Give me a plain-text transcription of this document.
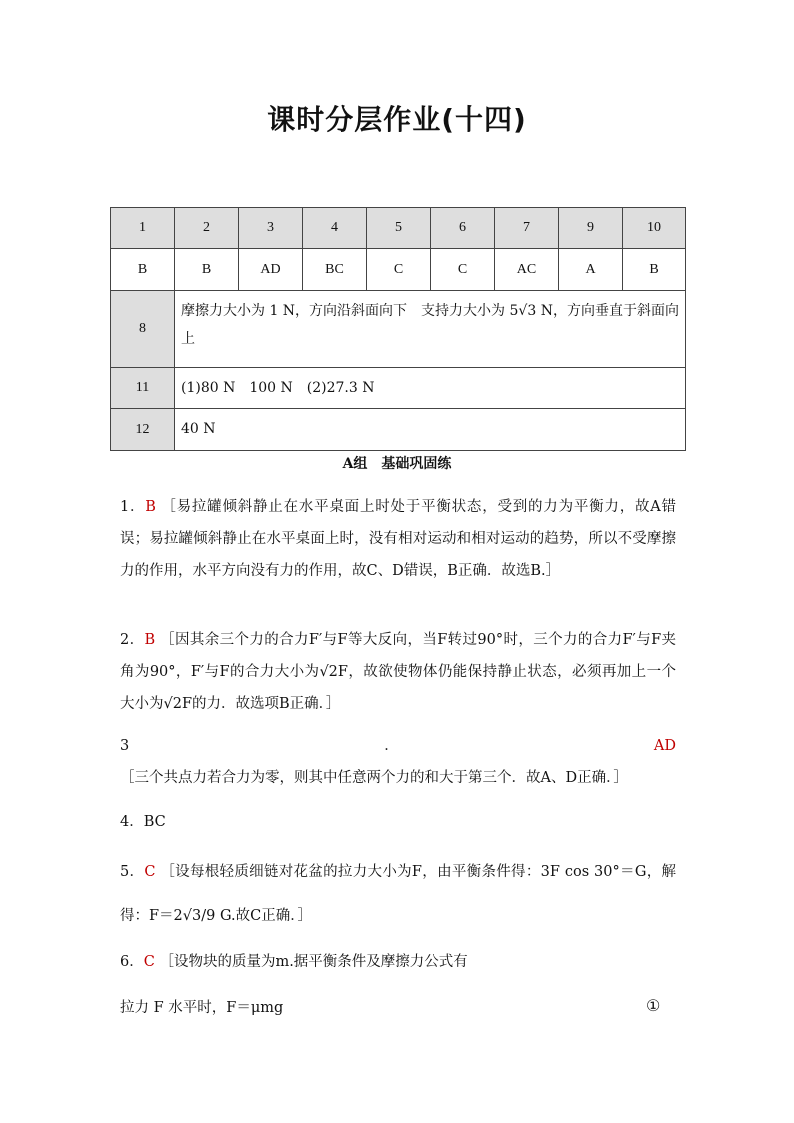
课时分层作业(十四)
1	2	3	4	5	6	7	9	10
B	B	AD	BC	C	C	AC	A	B
8	摩擦力大小为 1 N，方向沿斜面向下　支持力大小为 5√3 N，方向垂直于斜面向上							
11	(1)80 N　100 N　(2)27.3 N							
12	40 N							
A组　基础巩固练
1．B ［易拉罐倾斜静止在水平桌面上时处于平衡状态，受到的力为平衡力，故A错误；易拉罐倾斜静止在水平桌面上时，没有相对运动和相对运动的趋势，所以不受摩擦力的作用，水平方向没有力的作用，故C、D错误，B正确．故选B.］
2．B ［因其余三个力的合力F′与F等大反向，当F转过90°时，三个力的合力F′与F夹角为90°，F′与F的合力大小为√2F，故欲使物体仍能保持静止状态，必须再加上一个大小为√2F的力．故选项B正确．］
3．AD ［三个共点力若合力为零，则其中任意两个力的和大于第三个．故A、D正确．］
4．BC
5．C ［设每根轻质细链对花盆的拉力大小为F，由平衡条件得：3F cos 30°＝G，解得：F＝2√3/9 G.故C正确．］
6．C ［设物块的质量为m.据平衡条件及摩擦力公式有
拉力 F 水平时，F＝μmg	①
